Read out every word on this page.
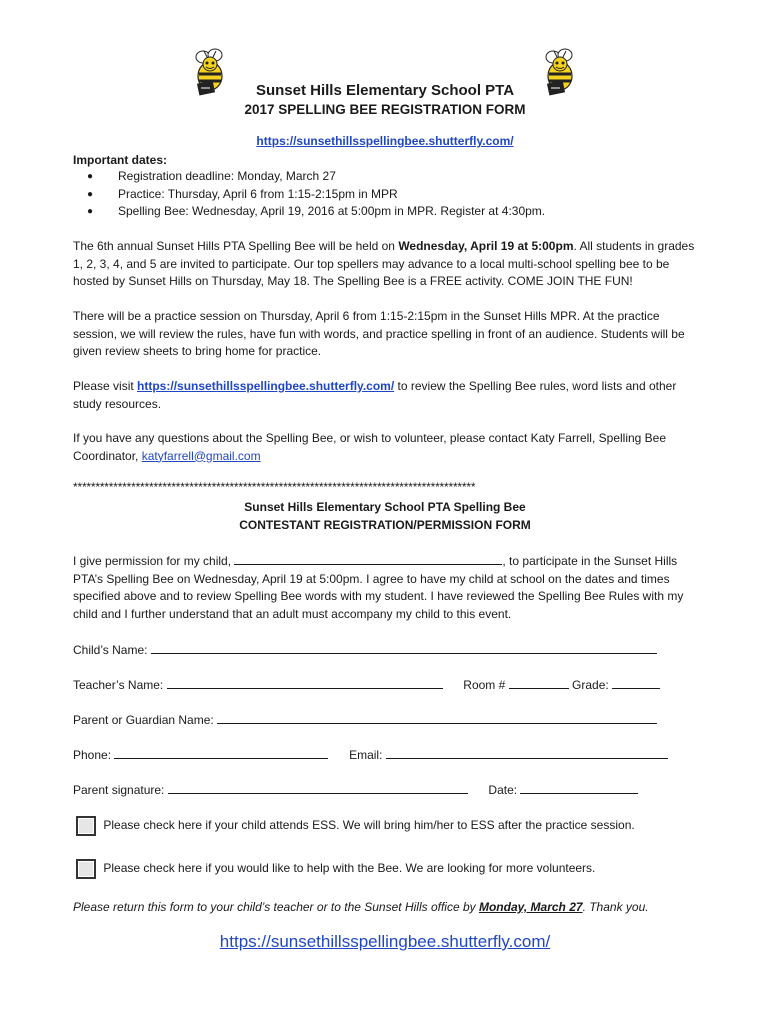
Sunset Hills Elementary School PTA
2017 SPELLING BEE REGISTRATION FORM
https://sunsethillsspellingbee.shutterfly.com/
Important dates:
● Registration deadline: Monday, March 27
● Practice: Thursday, April 6 from 1:15-2:15pm in MPR
● Spelling Bee: Wednesday, April 19, 2016 at 5:00pm in MPR. Register at 4:30pm.
The 6th annual Sunset Hills PTA Spelling Bee will be held on Wednesday, April 19 at 5:00pm. All students in grades 1, 2, 3, 4, and 5 are invited to participate. Our top spellers may advance to a local multi-school spelling bee to be hosted by Sunset Hills on Thursday, May 18. The Spelling Bee is a FREE activity. COME JOIN THE FUN!
There will be a practice session on Thursday, April 6 from 1:15-2:15pm in the Sunset Hills MPR. At the practice session, we will review the rules, have fun with words, and practice spelling in front of an audience. Students will be given review sheets to bring home for practice.
Please visit https://sunsethillsspellingbee.shutterfly.com/ to review the Spelling Bee rules, word lists and other study resources.
If you have any questions about the Spelling Bee, or wish to volunteer, please contact Katy Farrell, Spelling Bee Coordinator, katyfarrell@gmail.com
******************************************************************************************
Sunset Hills Elementary School PTA Spelling Bee
CONTESTANT REGISTRATION/PERMISSION FORM
I give permission for my child,	, to participate in the Sunset Hills PTA’s Spelling Bee on Wednesday, April 19 at 5:00pm. I agree to have my child at school on the dates and times specified above and to review Spelling Bee words with my student. I have reviewed the Spelling Bee Rules with my child and I further understand that an adult must accompany my child to this event.
Child’s Name:
Teacher’s Name:	Room #	Grade:
Parent or Guardian Name:
Phone:	Email:
Parent signature:	Date:
Please check here if your child attends ESS. We will bring him/her to ESS after the practice session.
Please check here if you would like to help with the Bee. We are looking for more volunteers.
Please return this form to your child’s teacher or to the Sunset Hills office by Monday, March 27. Thank you.
https://sunsethillsspellingbee.shutterfly.com/
